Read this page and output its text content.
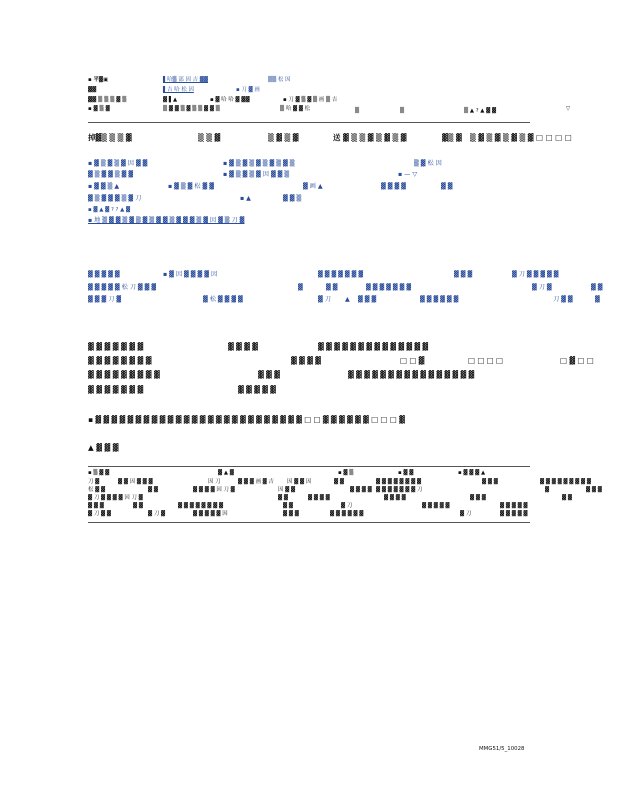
▪ 平▓▣	▌哈▒ 部 因 吉 ▓▓	▒▒ 松 因
▓▓	▌吉 哈 松 因	▪ 刀 ▓ 画
▓▓ ▒ ▒ ▒ ▓ ▒	▓ ▌▲	▪ ▓ 哈 哈 ▓ ▓▓	▪ 刀 ▓ ▒ ▓ ▒ 画 ▒ 吉
▪ ▓ ▒ ▓	▒ ▓ ▓ ▒ ▓ ▒ ▒ ▓ ▓ ▒	▒ 哈 ▓ ▓ 松	▒	▒	▒ ▲ ? ▲ ▓ ▓	▽
掉▓▒ ▒ ▒ ▓	▒ ▒ ▓	▒ ▓ ▒ ▓	送 ▓ ▒ ▒ ▓ ▒ ▓ ▒ ▓	▓▒ ▓ ▒ ▓ ▒ ▓ ▒ ▓ ▒ ▓ □ □ □ □
▪ ▓ ▒ ▓ ▒ ▓ 因 ▓ ▓	▪ ▓ ▒ ▓ ▒ ▓ ▒ ▓ ▒ ▓ ▒	▒ ▓ 松 因
▓ ▒ ▓ ▓ ▒ ▓ ▓	▪ ▓ ▒ ▓ ▒ ▓ 因 ▓ ▓ ▒	▪ — ▽
▪ ▓ ▓ ▒ ▲	▪ ▓ ▒ ▓ 松 ▓ ▓	▓ 画 ▲	▓ ▓ ▓ ▓	▓ ▓
▓ ▒ ▓ ▓ ▓ ▒ ▓ 刀	▪ ▲	▓ ▓ ▒
▪ ▓ ▲ ▓ ? ? ▲ ▓
▪ 地 ▒ ▓ ▓ ▒ ▓ ▒ ▓ ▒ ▓ ▓ ▒ ▓ ▓ ▓ ▒ ▓ 因 ▓ ▒ 刀 ▓
▓ ▓ ▓ ▓ ▓	▪ ▓ 因 ▓ ▓ ▓ ▓ 因	▓ ▓ ▓ ▓ ▓ ▓ ▓	▓ ▓ ▓	▓ 刀 ▓ ▓ ▓ ▓ ▓
▓ ▓ ▓ ▓ ▓ 松 刀 ▓ ▓ ▓	▓	▓ ▓	▓ ▓ ▓ ▓ ▓ ▓ ▓	▓ 刀 ▓	▓ ▓
▓ ▓ ▓ 刀 ▓	▓ 松 ▓ ▓ ▓ ▓	▓ 刀 ▲ ▓ ▓ ▓	▓ ▓ ▓ ▓ ▓ ▓	刀 ▓ ▓	▓
▓ ▓ ▓ ▓ ▓ ▓ ▓	▓ ▓ ▓ ▓	▓ ▓ ▓ ▓ ▓ ▓ ▓ ▓ ▓ ▓ ▓ ▓ ▓ ▓
▓ ▓ ▓ ▓ ▓ ▓ ▓ ▓	▓ ▓ ▓ ▓	□ □ ▓	□ □ □ □	□ ▓ □ □
▓ ▓ ▓ ▓ ▓ ▓ ▓ ▓ ▓	▓ ▓ ▓	▓ ▓ ▓ ▓ ▓ ▓ ▓ ▓ ▓ ▓ ▓ ▓ ▓ ▓ ▓ ▓
▓ ▓ ▓ ▓ ▓ ▓ ▓	▓ ▓ ▓ ▓ ▓
▪ ▓ ▓ ▓ ▓ ▓ ▓ ▓ ▓ ▓ ▓ ▓ ▓ ▓ ▓ ▓ ▓ ▓ ▓ ▓ ▓ ▓ ▓ ▓ ▓ ▓ ▓ □ □ ▓ ▓ ▓ ▓ ▓ ▓ □ □ □ ▓
▲ ▓ ▓ ▓
▪ ▒ ▓ ▓	▓ ▲ ▓	▪ ▓ ▒	▪ ▓ ▓	▪ ▓ ▓ ▓ ▲
刀 ▓	▓ ▓ 因 ▓ ▓ ▓	因 刀	▓ ▓ ▓ 画 ▓ 吉 因 ▓ ▓ 因	▓ ▓	▓ ▓ ▓ ▓ ▓ ▓ ▓ ▓	▓ ▓ ▓	▓ ▓ ▓ ▓ ▓ ▓ ▓ ▓ ▓
松 ▓ ▓	▓ ▓	▓ ▓ ▓ ▓ 因 刀 ▓	因 ▓ ▓	▓ ▓ ▓ ▓ ▓ ▓ ▓ ▓ ▓ ▓ ▓ 刀	▓	▓ ▓ ▓
▓ 刀 ▓ ▓ ▓ ▓ 因 刀 ▓	▓ ▓	▓ ▓ ▓ ▓	▓ ▓ ▓ ▓	▓ ▓ ▓	▓ ▓
▓ ▓ ▓	▓ ▓	▓ ▓ ▓ ▓ ▓ ▓ ▓ ▓	▓ ▓	▓ 刀	▓ ▓ ▓ ▓ ▓	▓ ▓ ▓ ▓ ▓
▓ 刀 ▓ ▓	▓ 刀 ▓	▓ ▓ ▓ ▓ ▓ 因	▓ ▓ ▓	▓ ▓ ▓ ▓ ▓ ▓	▓ 刀	▓ ▓ ▓ ▓ ▓
MMG51/5_10028
